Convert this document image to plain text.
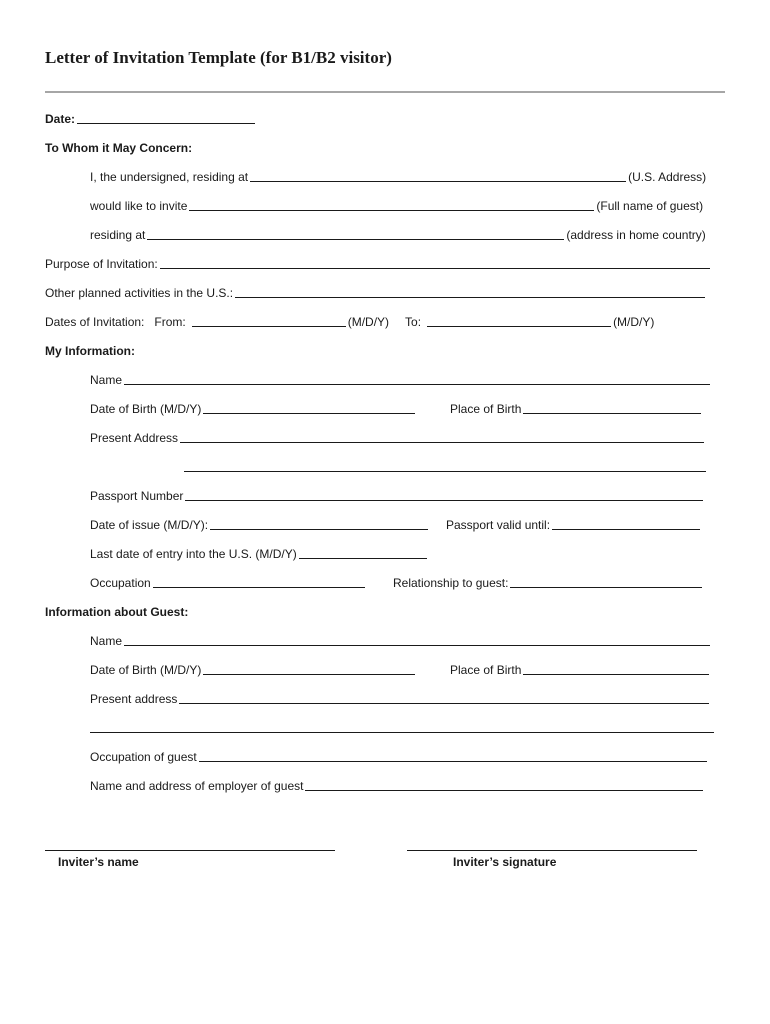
Letter of Invitation Template (for B1/B2 visitor)
Date:
To Whom it May Concern:
I, the undersigned, residing at	(U.S. Address)
would like to invite	(Full name of guest)
residing at	(address in home country)
Purpose of Invitation:
Other planned activities in the U.S.:
Dates of Invitation:   From:	(M/D/Y) To:	(M/D/Y)
My Information:
Name
Date of Birth (M/D/Y)	Place of Birth
Present Address
Passport Number
Date of issue (M/D/Y):	Passport valid until:
Last date of entry into the U.S. (M/D/Y)
Occupation	Relationship to guest:
Information about Guest:
Name
Date of Birth (M/D/Y)	Place of Birth
Present address
Occupation of guest
Name and address of employer of guest
Inviter’s name	Inviter’s signature
